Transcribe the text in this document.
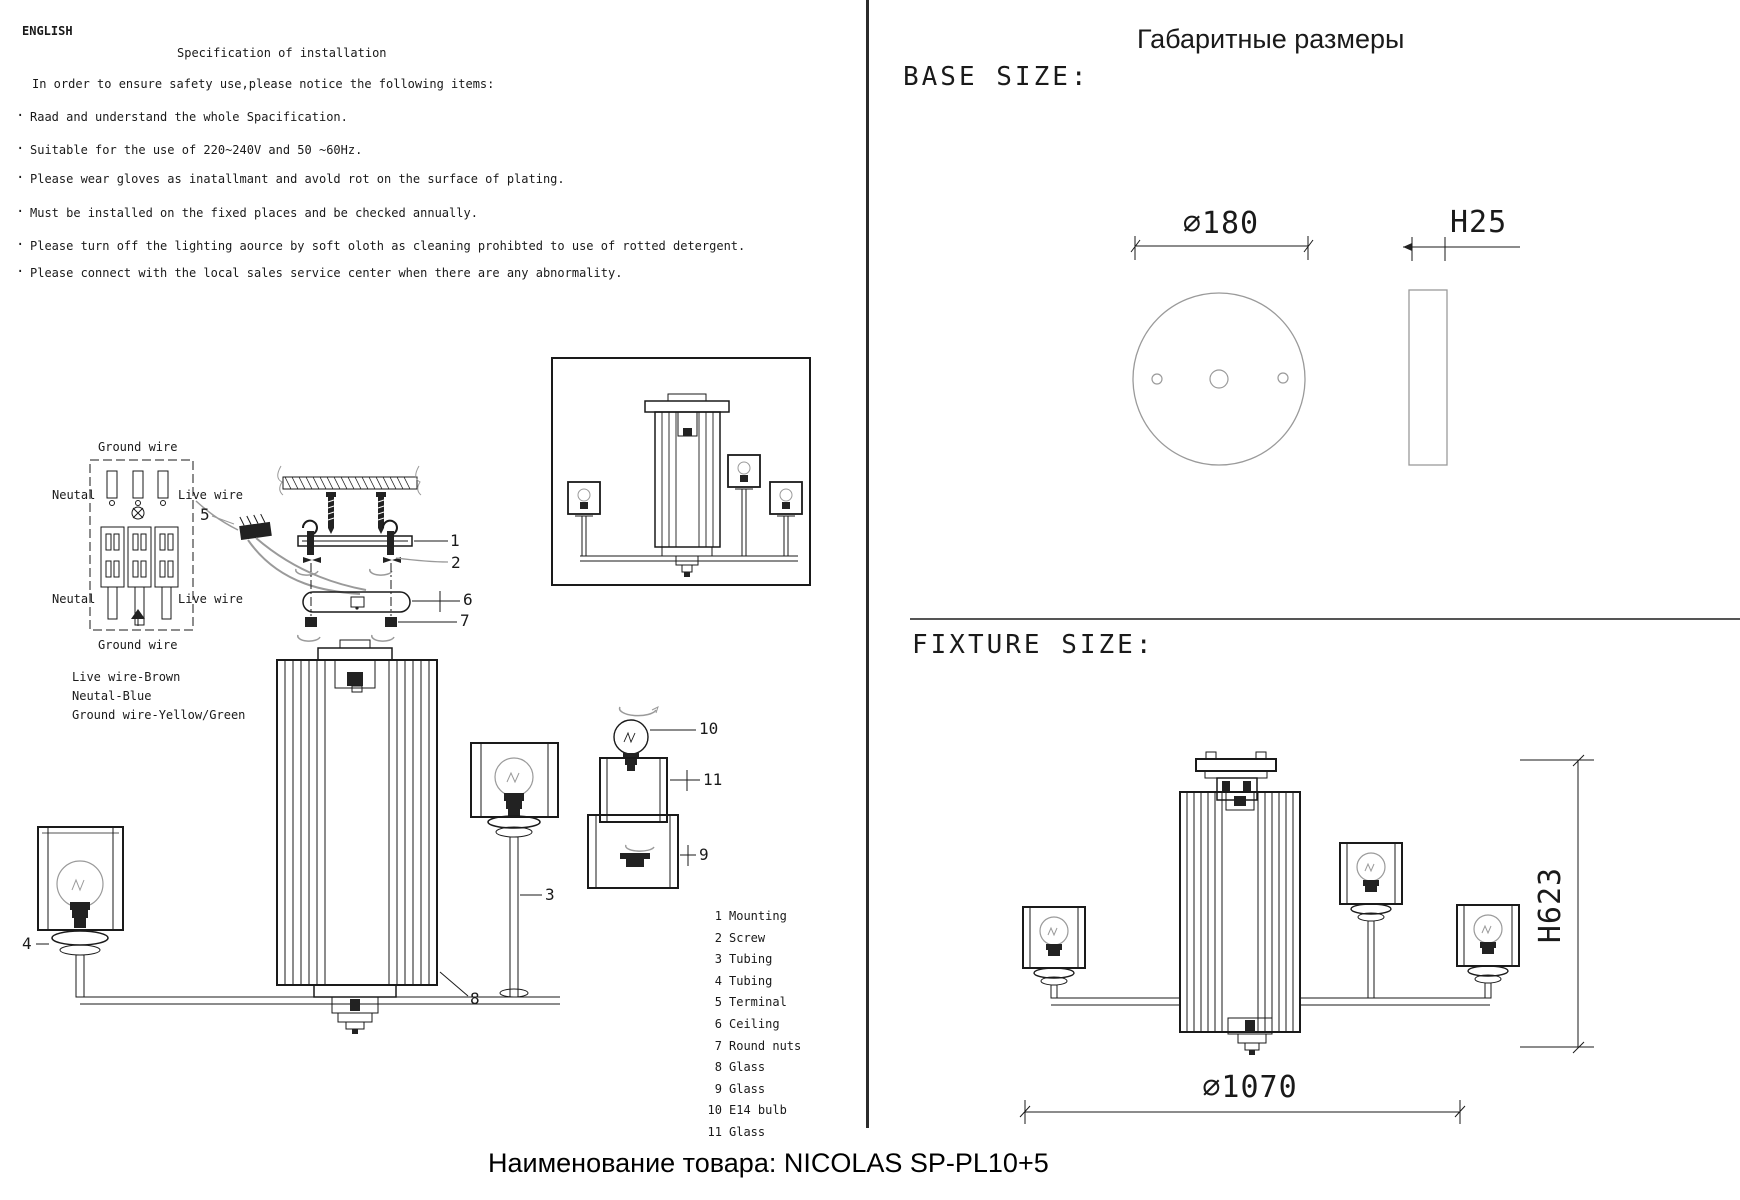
ENGLISH
Specification of installation
In order to ensure safety use,please notice the following items:
· Raad and understand the whole Spacification.
· Suitable for the use of 220~240V and 50 ~60Hz.
· Please wear gloves as inatallmant and avold rot on the surface of plating.
· Must be installed on the fixed places and be checked annually.
· Please turn off the lighting aource by soft oloth as cleaning prohibted to use of rotted detergent.
· Please connect with the local sales service center when there are any abnormality.
Ground wire
Neutal	Live wire
Neutal	Live wire
Ground wire
Live wire-Brown
Neutal-Blue
Ground wire-Yellow/Green
5
1
2
6
7
10
11
9
3
4
8
1 Mounting
2 Screw
3 Tubing
4 Tubing
5 Terminal
6 Ceiling
7 Round nuts
8 Glass
9 Glass
10 E14 bulb
11 Glass
Габаритные размеры
BASE SIZE:
∅180	H25
FIXTURE SIZE:
H623
∅1070
Наименование товара: NICOLAS SP-PL10+5
